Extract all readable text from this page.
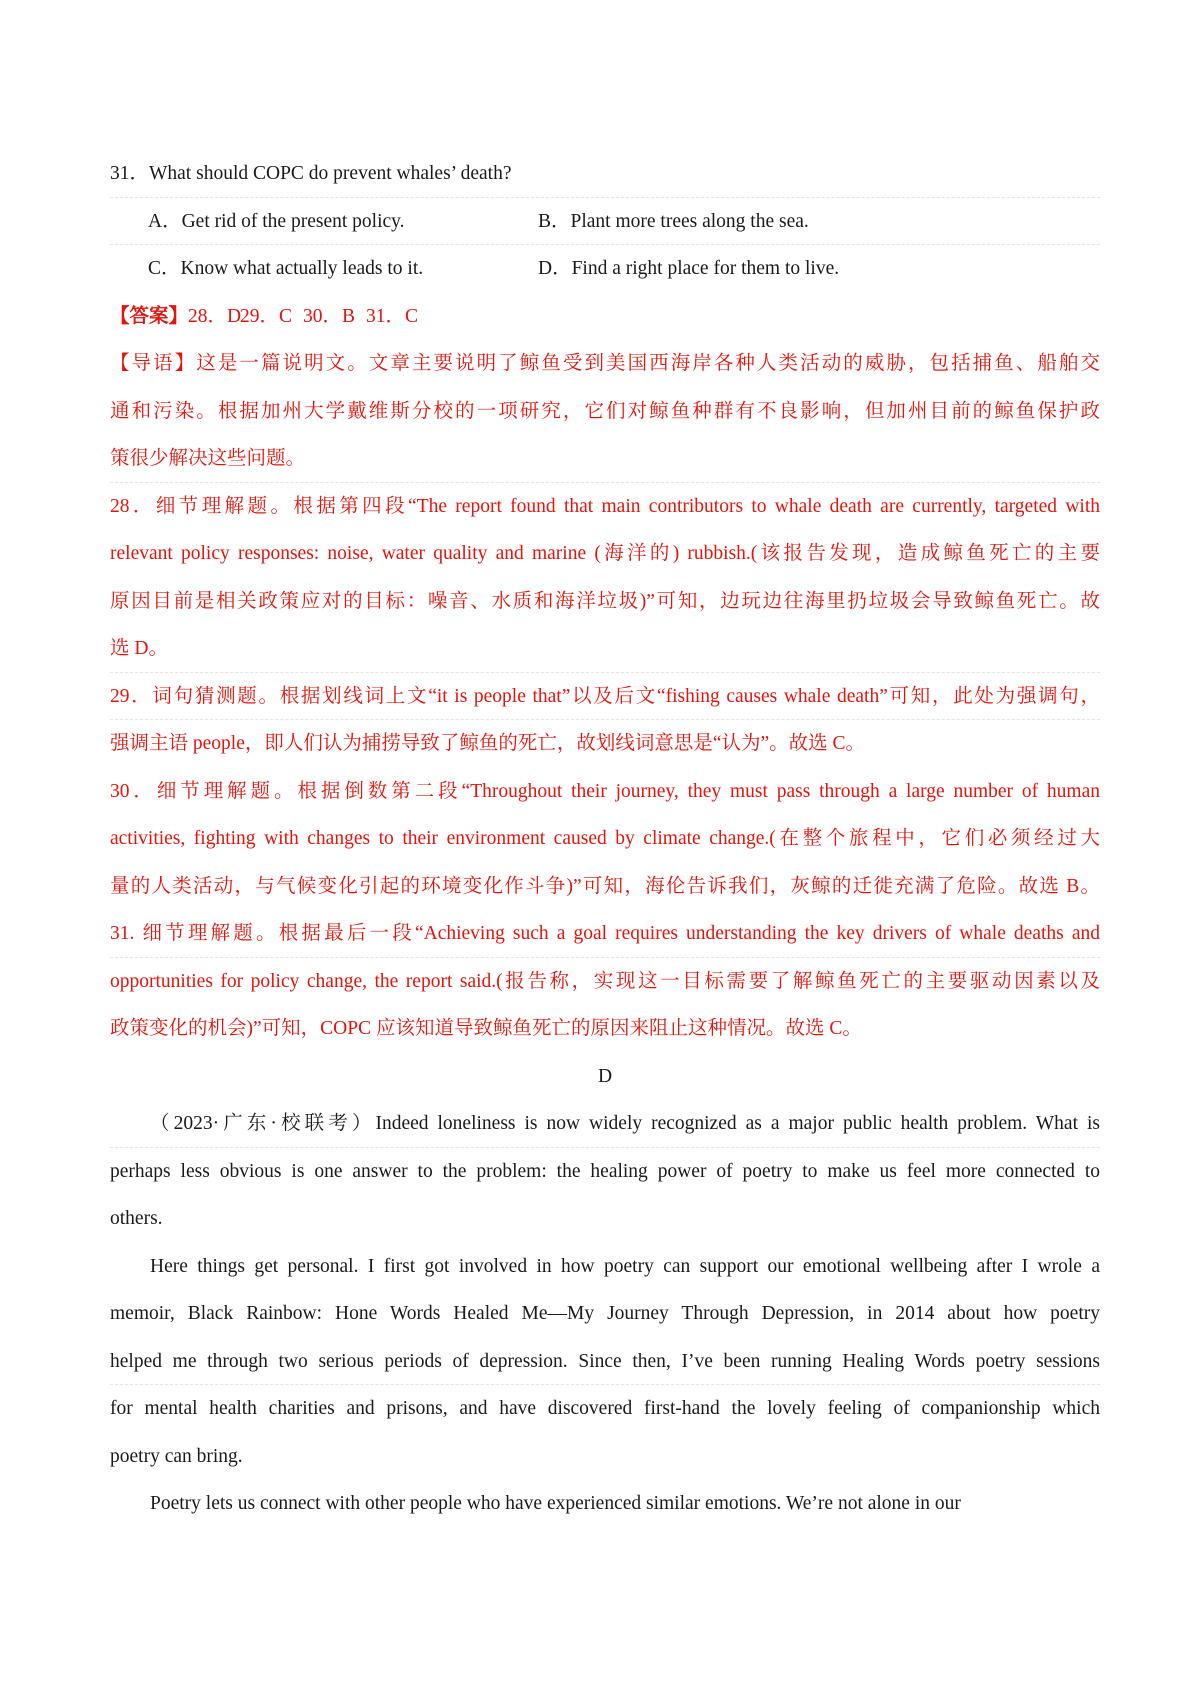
31．What should COPC do prevent whales’ death?
A．Get rid of the present policy.	B．Plant more trees along the sea.
C．Know what actually leads to it.	D．Find a right place for them to live.
【答案】28．D29．C 30．B 31．C
【导语】这是一篇说明文。文章主要说明了鲸鱼受到美国西海岸各种人类活动的威胁，包括捕鱼、船舶交
通和污染。根据加州大学戴维斯分校的一项研究，它们对鲸鱼种群有不良影响，但加州目前的鲸鱼保护政
策很少解决这些问题。
28．细节理解题。根据第四段“The report found that main contributors to whale death are currently, targeted with
relevant policy responses: noise, water quality and marine (海洋的) rubbish.(该报告发现，造成鲸鱼死亡的主要
原因目前是相关政策应对的目标：噪音、水质和海洋垃圾)”可知，边玩边往海里扔垃圾会导致鲸鱼死亡。故
选 D。
29．词句猜测题。根据划线词上文“it is people that”以及后文“fishing causes whale death”可知，此处为强调句，
强调主语 people，即人们认为捕捞导致了鲸鱼的死亡，故划线词意思是“认为”。故选 C。
30．细节理解题。根据倒数第二段“Throughout their journey, they must pass through a large number of human
activities, fighting with changes to their environment caused by climate change.(在整个旅程中，它们必须经过大
量的人类活动，与气候变化引起的环境变化作斗争)”可知，海伦告诉我们，灰鲸的迁徙充满了危险。故选 B。
31. 细节理解题。根据最后一段“Achieving such a goal requires understanding the key drivers of whale deaths and
opportunities for policy change, the report said.(报告称，实现这一目标需要了解鲸鱼死亡的主要驱动因素以及
政策变化的机会)”可知，COPC 应该知道导致鲸鱼死亡的原因来阻止这种情况。故选 C。
D
（2023·广东·校联考）Indeed loneliness is now widely recognized as a major public health problem. What is
perhaps less obvious is one answer to the problem: the healing power of poetry to make us feel more connected to
others.
Here things get personal. I first got involved in how poetry can support our emotional wellbeing after I wrole a
memoir, Black Rainbow: Hone Words Healed Me—My Journey Through Depression, in 2014 about how poetry
helped me through two serious periods of depression. Since then, I’ve been running Healing Words poetry sessions
for mental health charities and prisons, and have discovered first-hand the lovely feeling of companionship which
poetry can bring.
Poetry lets us connect with other people who have experienced similar emotions. We’re not alone in our
